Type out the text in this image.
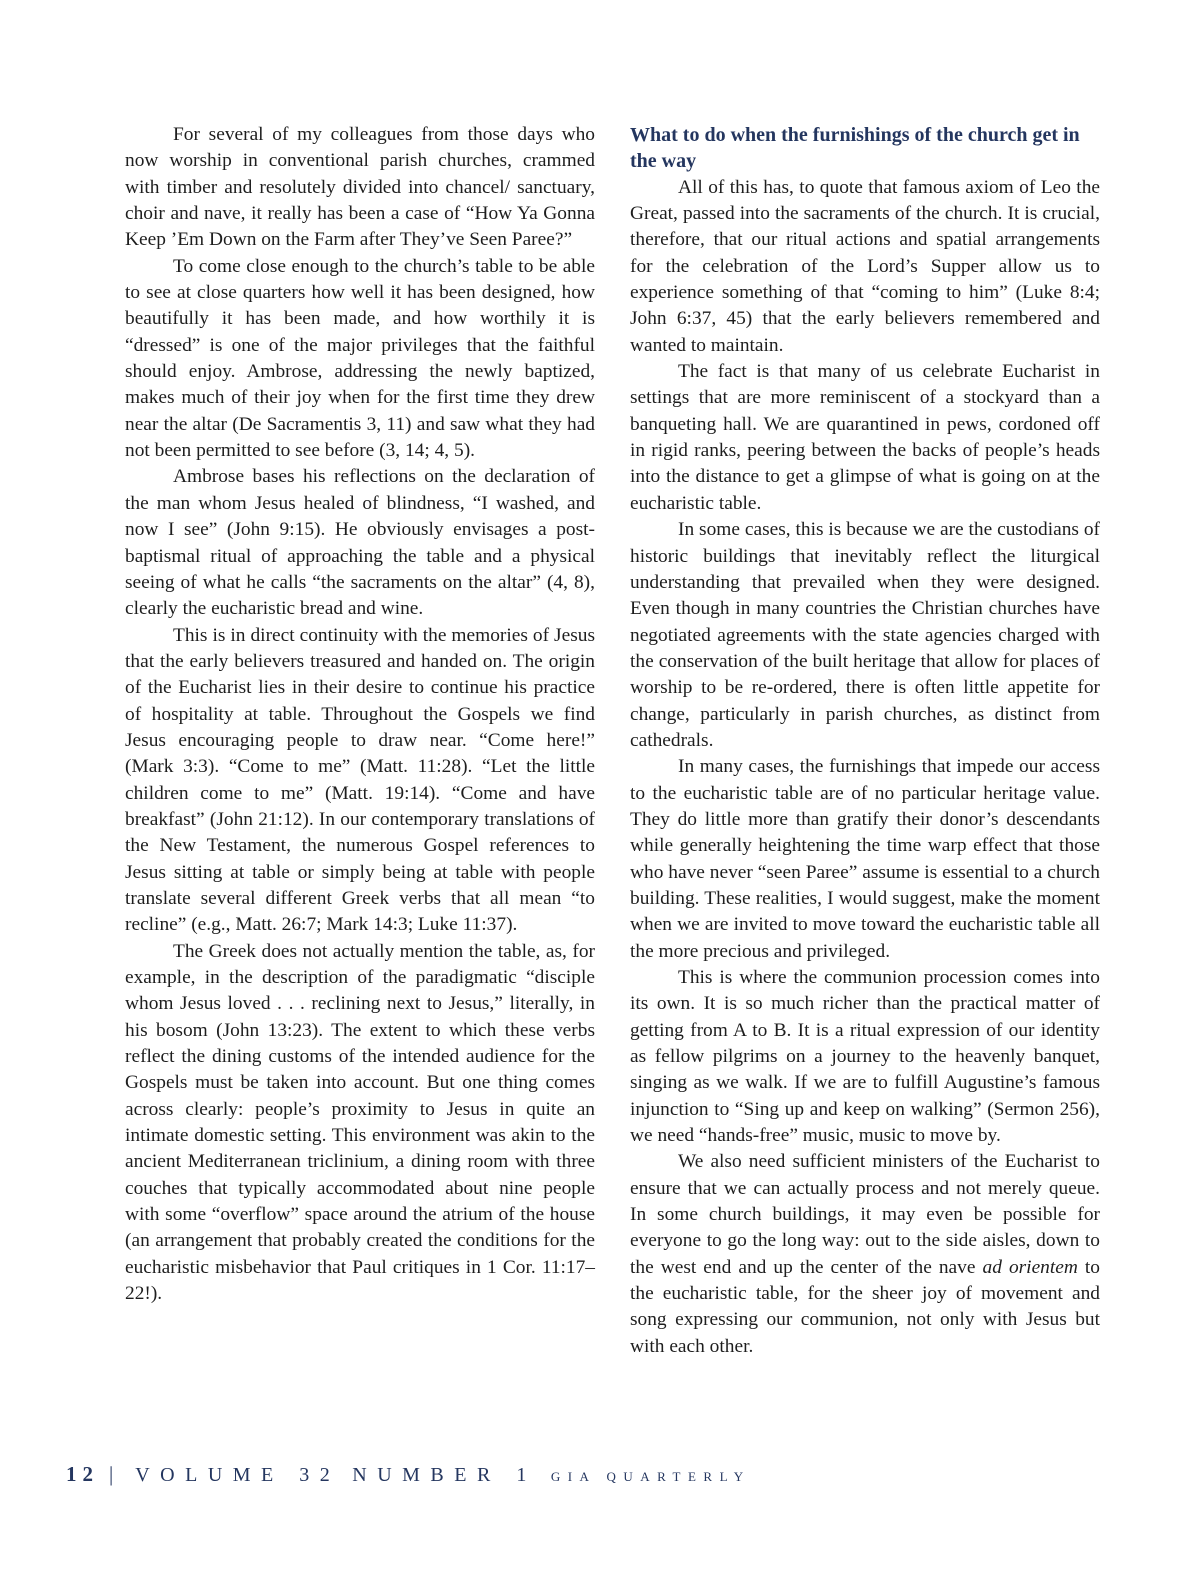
For several of my colleagues from those days who now worship in conventional parish churches, crammed with timber and resolutely divided into chancel/ sanctuary, choir and nave, it really has been a case of “How Ya Gonna Keep ’Em Down on the Farm after They’ve Seen Paree?”

To come close enough to the church’s table to be able to see at close quarters how well it has been designed, how beautifully it has been made, and how worthily it is “dressed” is one of the major privileges that the faithful should enjoy. Ambrose, addressing the newly baptized, makes much of their joy when for the first time they drew near the altar (De Sacramentis 3, 11) and saw what they had not been permitted to see before (3, 14; 4, 5).

Ambrose bases his reflections on the declaration of the man whom Jesus healed of blindness, “I washed, and now I see” (John 9:15). He obviously envisages a post-baptismal ritual of approaching the table and a physical seeing of what he calls “the sacraments on the altar” (4, 8), clearly the eucharistic bread and wine.

This is in direct continuity with the memories of Jesus that the early believers treasured and handed on. The origin of the Eucharist lies in their desire to continue his practice of hospitality at table. Throughout the Gospels we find Jesus encouraging people to draw near. “Come here!” (Mark 3:3). “Come to me” (Matt. 11:28). “Let the little children come to me” (Matt. 19:14). “Come and have breakfast” (John 21:12). In our contemporary translations of the New Testament, the numerous Gospel references to Jesus sitting at table or simply being at table with people translate several different Greek verbs that all mean “to recline” (e.g., Matt. 26:7; Mark 14:3; Luke 11:37).

The Greek does not actually mention the table, as, for example, in the description of the paradigmatic “disciple whom Jesus loved . . . reclining next to Jesus,” literally, in his bosom (John 13:23). The extent to which these verbs reflect the dining customs of the intended audience for the Gospels must be taken into account. But one thing comes across clearly: people’s proximity to Jesus in quite an intimate domestic setting. This environment was akin to the ancient Mediterranean triclinium, a dining room with three couches that typically accommodated about nine people with some “overflow” space around the atrium of the house (an arrangement that probably created the conditions for the eucharistic misbehavior that Paul critiques in 1 Cor. 11:17–22!).

What to do when the furnishings of the church get in the way

All of this has, to quote that famous axiom of Leo the Great, passed into the sacraments of the church. It is crucial, therefore, that our ritual actions and spatial arrangements for the celebration of the Lord’s Supper allow us to experience something of that “coming to him” (Luke 8:4; John 6:37, 45) that the early believers remembered and wanted to maintain.

The fact is that many of us celebrate Eucharist in settings that are more reminiscent of a stockyard than a banqueting hall. We are quarantined in pews, cordoned off in rigid ranks, peering between the backs of people’s heads into the distance to get a glimpse of what is going on at the eucharistic table.

In some cases, this is because we are the custodians of historic buildings that inevitably reflect the liturgical understanding that prevailed when they were designed. Even though in many countries the Christian churches have negotiated agreements with the state agencies charged with the conservation of the built heritage that allow for places of worship to be re-ordered, there is often little appetite for change, particularly in parish churches, as distinct from cathedrals.

In many cases, the furnishings that impede our access to the eucharistic table are of no particular heritage value. They do little more than gratify their donor’s descendants while generally heightening the time warp effect that those who have never “seen Paree” assume is essential to a church building. These realities, I would suggest, make the moment when we are invited to move toward the eucharistic table all the more precious and privileged.

This is where the communion procession comes into its own. It is so much richer than the practical matter of getting from A to B. It is a ritual expression of our identity as fellow pilgrims on a journey to the heavenly banquet, singing as we walk. If we are to fulfill Augustine’s famous injunction to “Sing up and keep on walking” (Sermon 256), we need “hands-free” music, music to move by.

We also need sufficient ministers of the Eucharist to ensure that we can actually process and not merely queue. In some church buildings, it may even be possible for everyone to go the long way: out to the side aisles, down to the west end and up the center of the nave ad orientem to the eucharistic table, for the sheer joy of movement and song expressing our communion, not only with Jesus but with each other.

12 | VOLUME 32 NUMBER 1 GIA QUARTERLY
